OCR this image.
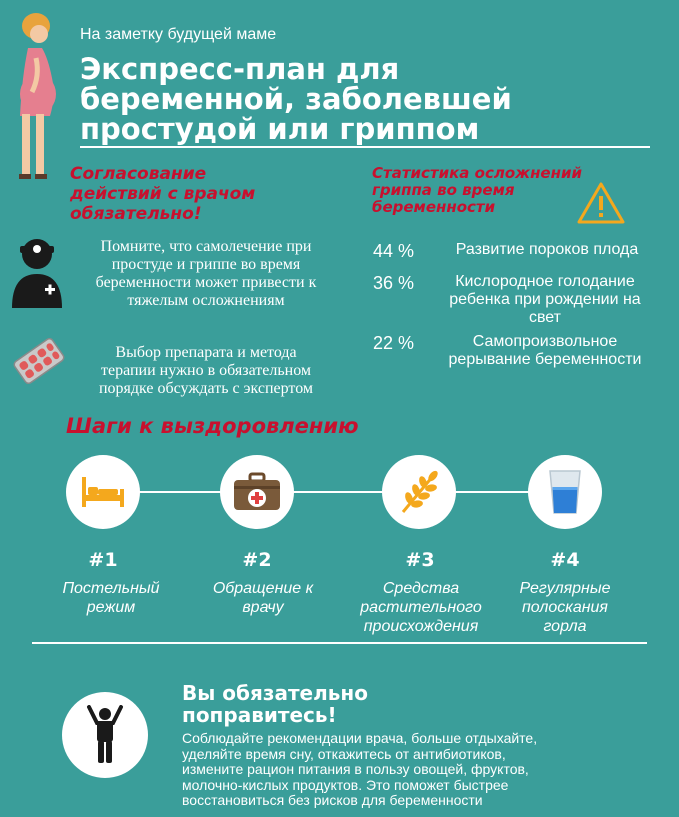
На заметку будущей маме
Экспресс-план для
беременной, заболевшей
простудой или гриппом
Согласование
действий с врачом
обязательно!
Помните, что самолечение при
простуде и гриппе во время
беременности может привести к
тяжелым осложнениям
Выбор препарата и метода
терапии нужно в обязательном
порядке обсуждать с экспертом
Статистика осложнений
гриппа во время
беременности
44 %	Развитие пороков плода
36 %	Кислородное голодание
ребенка при рождении на
свет
22 %	Самопроизвольное
рерывание беременности
Шаги к выздоровлению
#1
Постельный
режим
#2
Обращение к
врачу
#3
Средства
растительного
происхождения
#4
Регулярные
полоскания
горла
Вы обязательно
поправитесь!
Соблюдайте рекомендации врача, больше отдыхайте,
уделяйте время сну, откажитесь от антибиотиков,
измените рацион питания в пользу овощей, фруктов,
молочно-кислых продуктов. Это поможет быстрее
восстановиться без рисков для беременности
